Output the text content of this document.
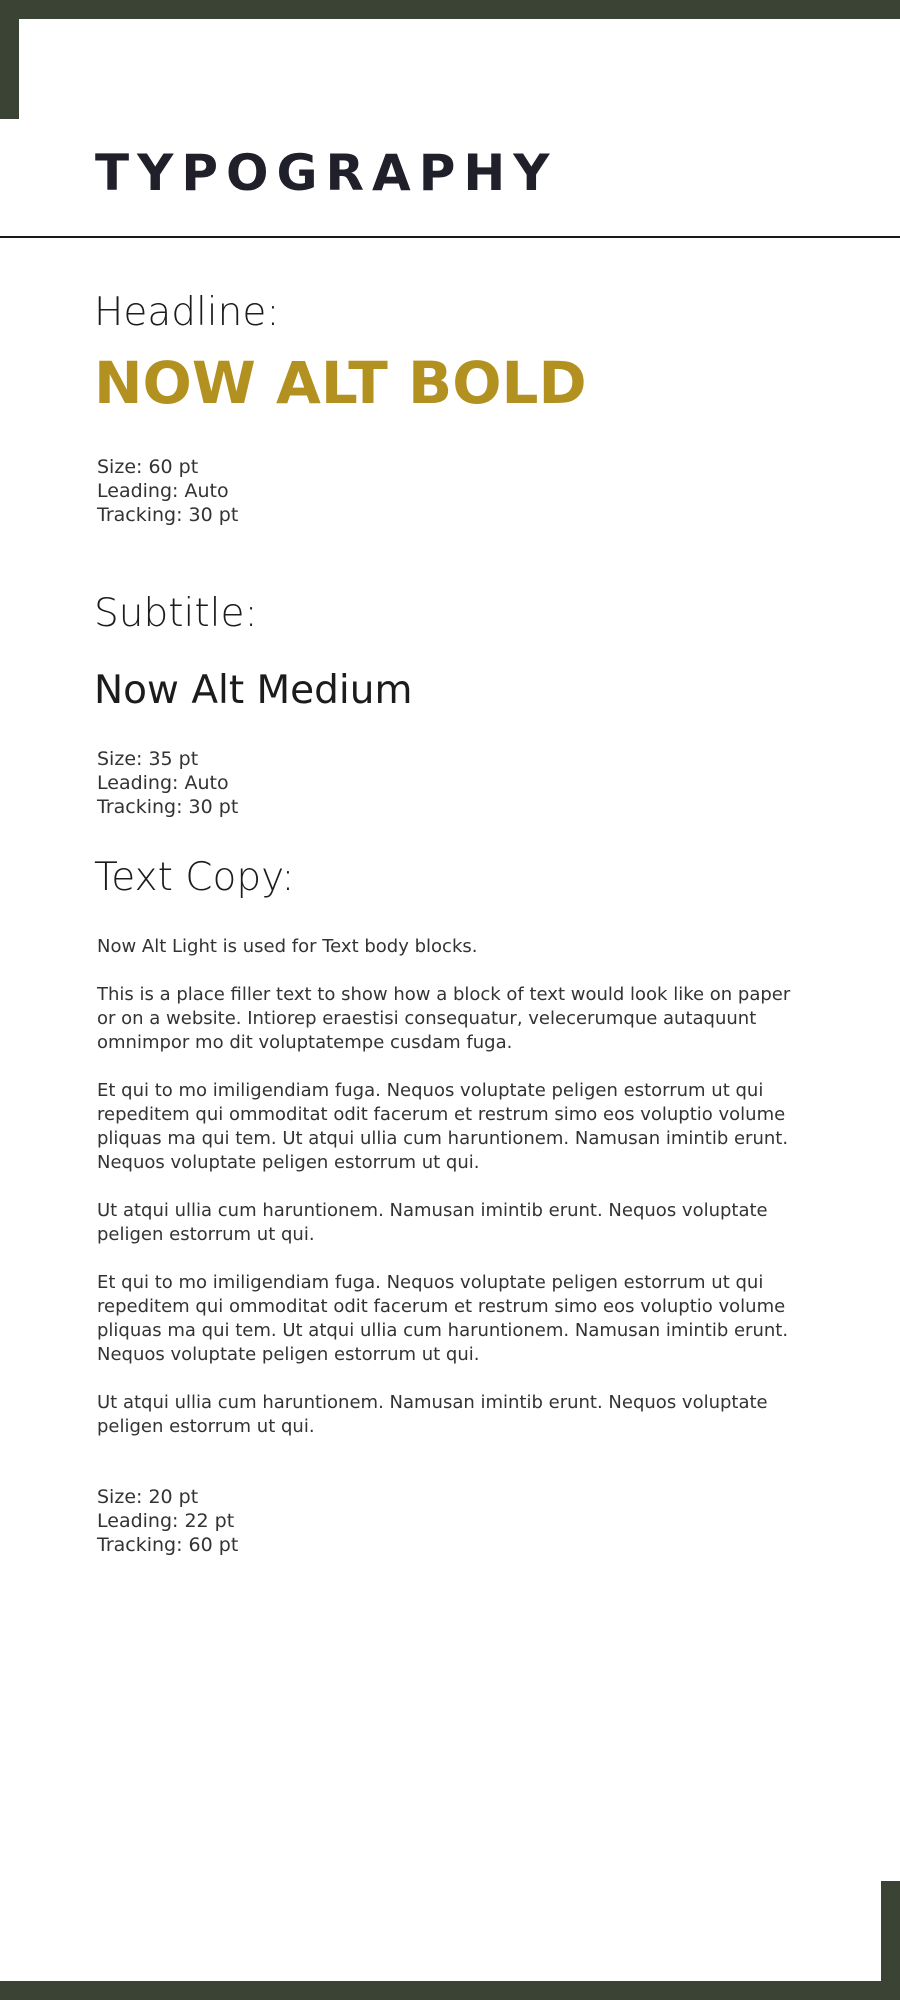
TYPOGRAPHY
Headline:
NOW ALT BOLD
Size: 60 pt
Leading: Auto
Tracking: 30 pt
Subtitle:
Now Alt Medium
Size: 35 pt
Leading: Auto
Tracking: 30 pt
Text Copy:

Now Alt Light is used for Text body blocks.

This is a place filler text to show how a block of text would look like on paper or on a website. Intiorep eraestisi consequatur, velecerumque autaquunt omnimpor mo dit voluptatempe cusdam fuga.

Et qui to mo imiligendiam fuga. Nequos voluptate peligen estorrum ut qui repeditem qui ommoditat odit facerum et restrum simo eos voluptio volume pliquas ma qui tem. Ut atqui ullia cum haruntionem. Namusan imintib erunt. Nequos voluptate peligen estorrum ut qui.

Ut atqui ullia cum haruntionem. Namusan imintib erunt. Nequos voluptate peligen estorrum ut qui.

Et qui to mo imiligendiam fuga. Nequos voluptate peligen estorrum ut qui repeditem qui ommoditat odit facerum et restrum simo eos voluptio volume pliquas ma qui tem. Ut atqui ullia cum haruntionem. Namusan imintib erunt. Nequos voluptate peligen estorrum ut qui.

Ut atqui ullia cum haruntionem. Namusan imintib erunt. Nequos voluptate peligen estorrum ut qui.

Size: 20 pt
Leading: 22 pt
Tracking: 60 pt
